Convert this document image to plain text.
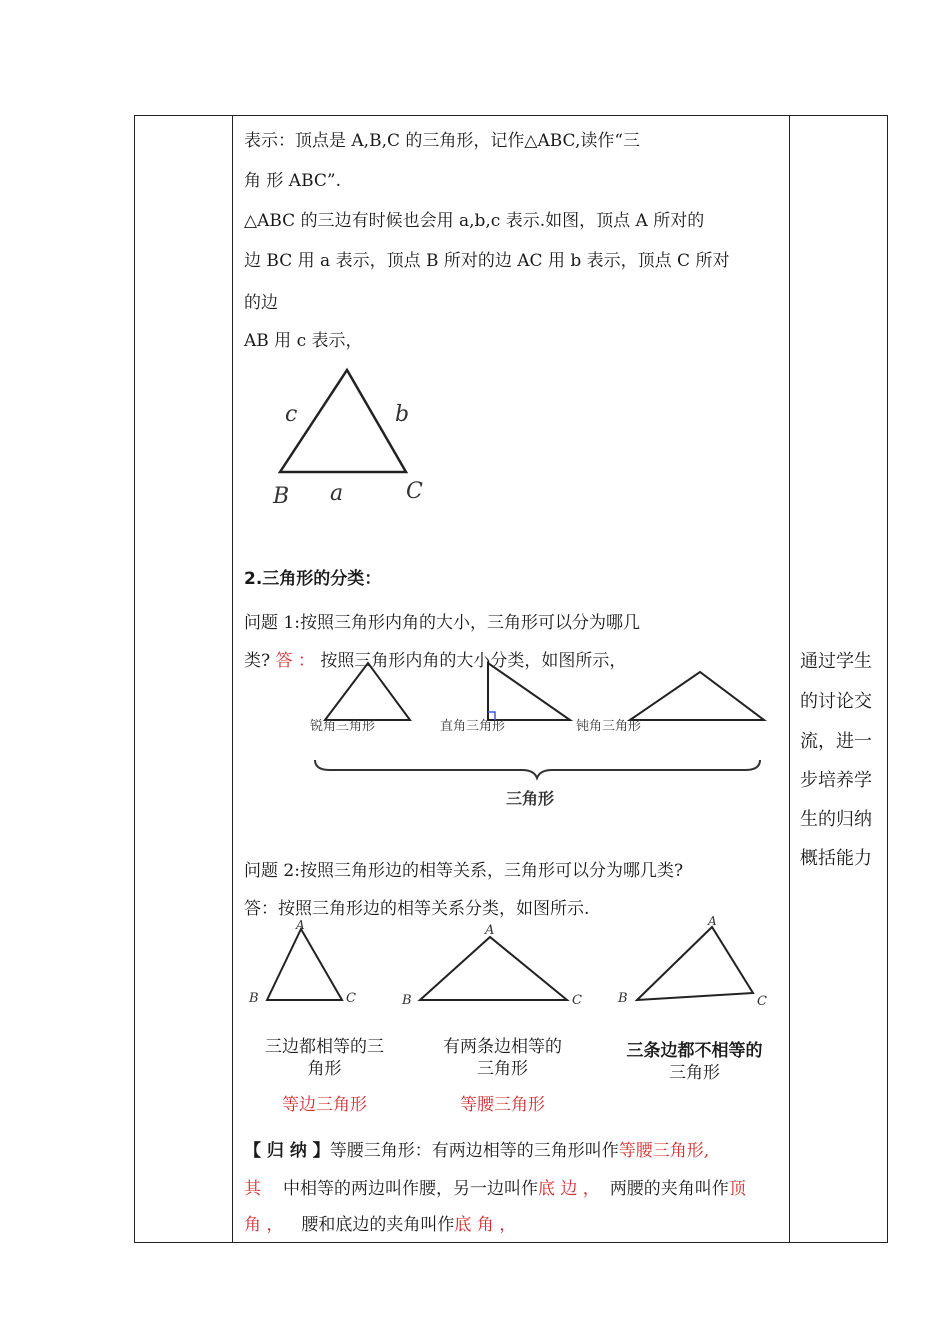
表示：顶点是 A,B,C 的三角形，记作△ABC,读作“三
角 形 ABC”.
△ABC 的三边有时候也会用 a,b,c 表示.如图，顶点 A 所对的
边 BC 用 a 表示，顶点 B 所对的边 AC 用 b 表示，顶点 C 所对
的边
AB 用 c 表示，
c	b
a
B	C
2.三角形的分类：
问题 1:按照三角形内角的大小，三角形可以分为哪几
类? 答 ： 按照三角形内角的大小分类，如图所示，
锐角三角形	直角三角形	钝角三角形
三角形
问题 2:按照三角形边的相等关系，三角形可以分为哪几类?
答：按照三角形边的相等关系分类，如图所示.
A
B	C
A
B	C
A
B	C
三边都相等的三
角形
等边三角形
有两条边相等的
三角形
等腰三角形
三条边都不相等的
三角形
【 归 纳 】等腰三角形：有两边相等的三角形叫作等腰三角形,
其 中相等的两边叫作腰，另一边叫作底 边 ， 两腰的夹角叫作顶
角 ， 腰和底边的夹角叫作底 角 ，
通过学生
的讨论交
流，进一
步培养学
生的归纳
概括能力
